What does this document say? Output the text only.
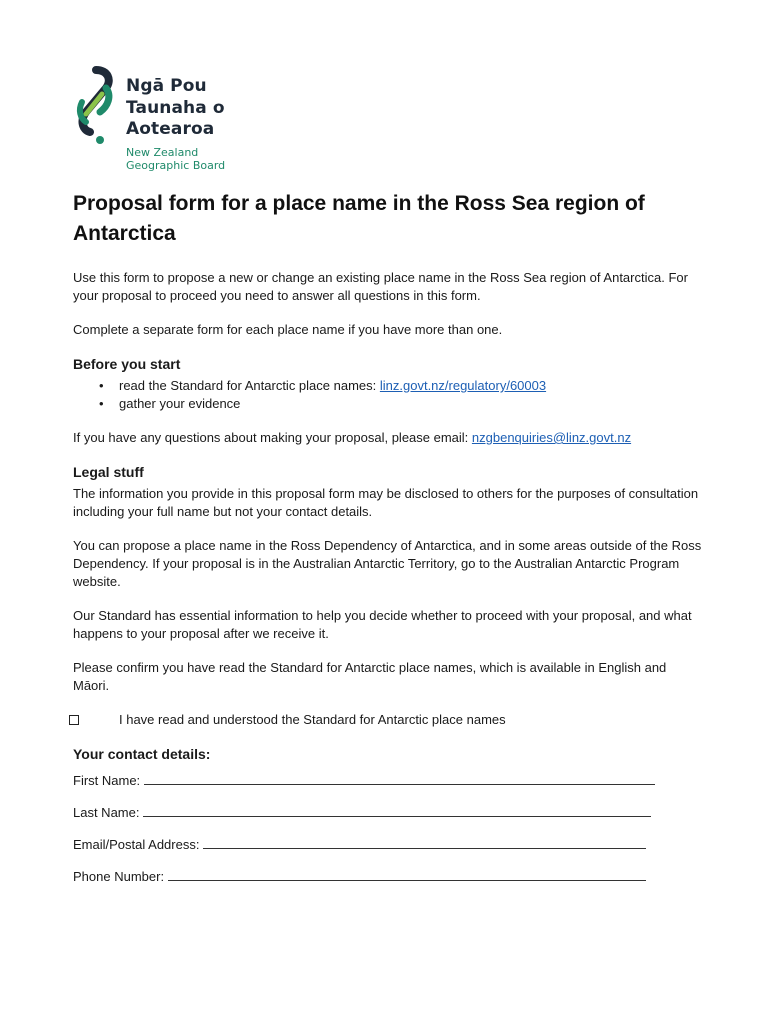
Ngā Pou
Taunaha o
Aotearoa
New Zealand
Geographic Board
Proposal form for a place name in the Ross Sea region of Antarctica

Use this form to propose a new or change an existing place name in the Ross Sea region of Antarctica. For your proposal to proceed you need to answer all questions in this form.

Complete a separate form for each place name if you have more than one.

Before you start
• read the Standard for Antarctic place names: linz.govt.nz/regulatory/60003
• gather your evidence

If you have any questions about making your proposal, please email: nzgbenquiries@linz.govt.nz

Legal stuff

The information you provide in this proposal form may be disclosed to others for the purposes of consultation including your full name but not your contact details.

You can propose a place name in the Ross Dependency of Antarctica, and in some areas outside of the Ross Dependency. If your proposal is in the Australian Antarctic Territory, go to the Australian Antarctic Program website.

Our Standard has essential information to help you decide whether to proceed with your proposal, and what happens to your proposal after we receive it.

Please confirm you have read the Standard for Antarctic place names, which is available in English and Māori.

I have read and understood the Standard for Antarctic place names
Your contact details:
First Name:
Last Name:
Email/Postal Address:
Phone Number:
